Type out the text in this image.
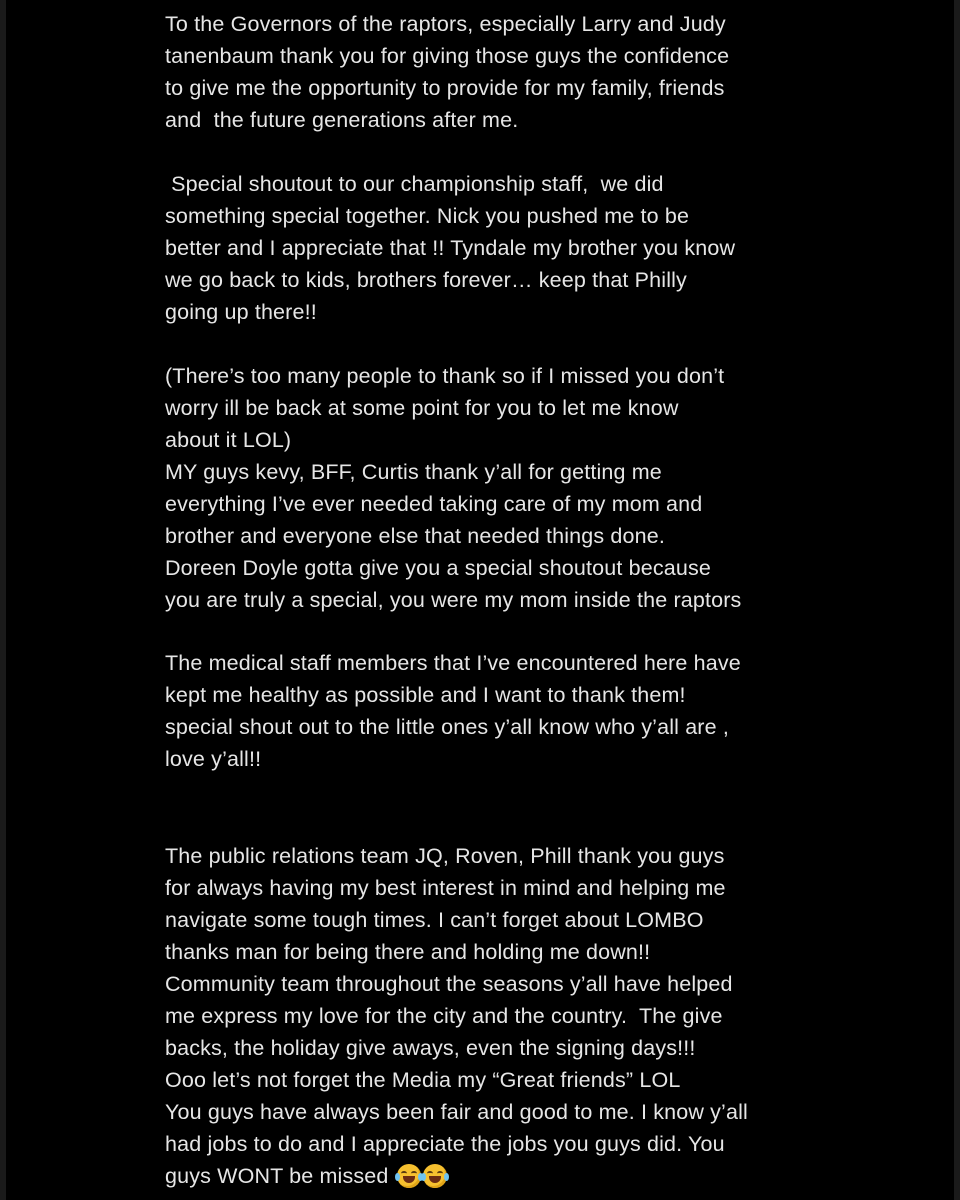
To the Governors of the raptors, especially Larry and Judy
tanenbaum thank you for giving those guys the confidence
to give me the opportunity to provide for my family, friends
and  the future generations after me.
Special shoutout to our championship staff,  we did
something special together. Nick you pushed me to be
better and I appreciate that !! Tyndale my brother you know
we go back to kids, brothers forever… keep that Philly
going up there!!
(There’s too many people to thank so if I missed you don’t
worry ill be back at some point for you to let me know
about it LOL)
MY guys kevy, BFF, Curtis thank y’all for getting me
everything I’ve ever needed taking care of my mom and
brother and everyone else that needed things done.
Doreen Doyle gotta give you a special shoutout because
you are truly a special, you were my mom inside the raptors
The medical staff members that I’ve encountered here have
kept me healthy as possible and I want to thank them!
special shout out to the little ones y’all know who y’all are ,
love y’all!!
The public relations team JQ, Roven, Phill thank you guys
for always having my best interest in mind and helping me
navigate some tough times. I can’t forget about LOMBO
thanks man for being there and holding me down!!
Community team throughout the seasons y’all have helped
me express my love for the city and the country.  The give
backs, the holiday give aways, even the signing days!!!
Ooo let’s not forget the Media my “Great friends” LOL
You guys have always been fair and good to me. I know y’all
had jobs to do and I appreciate the jobs you guys did. You
guys WONT be missed
